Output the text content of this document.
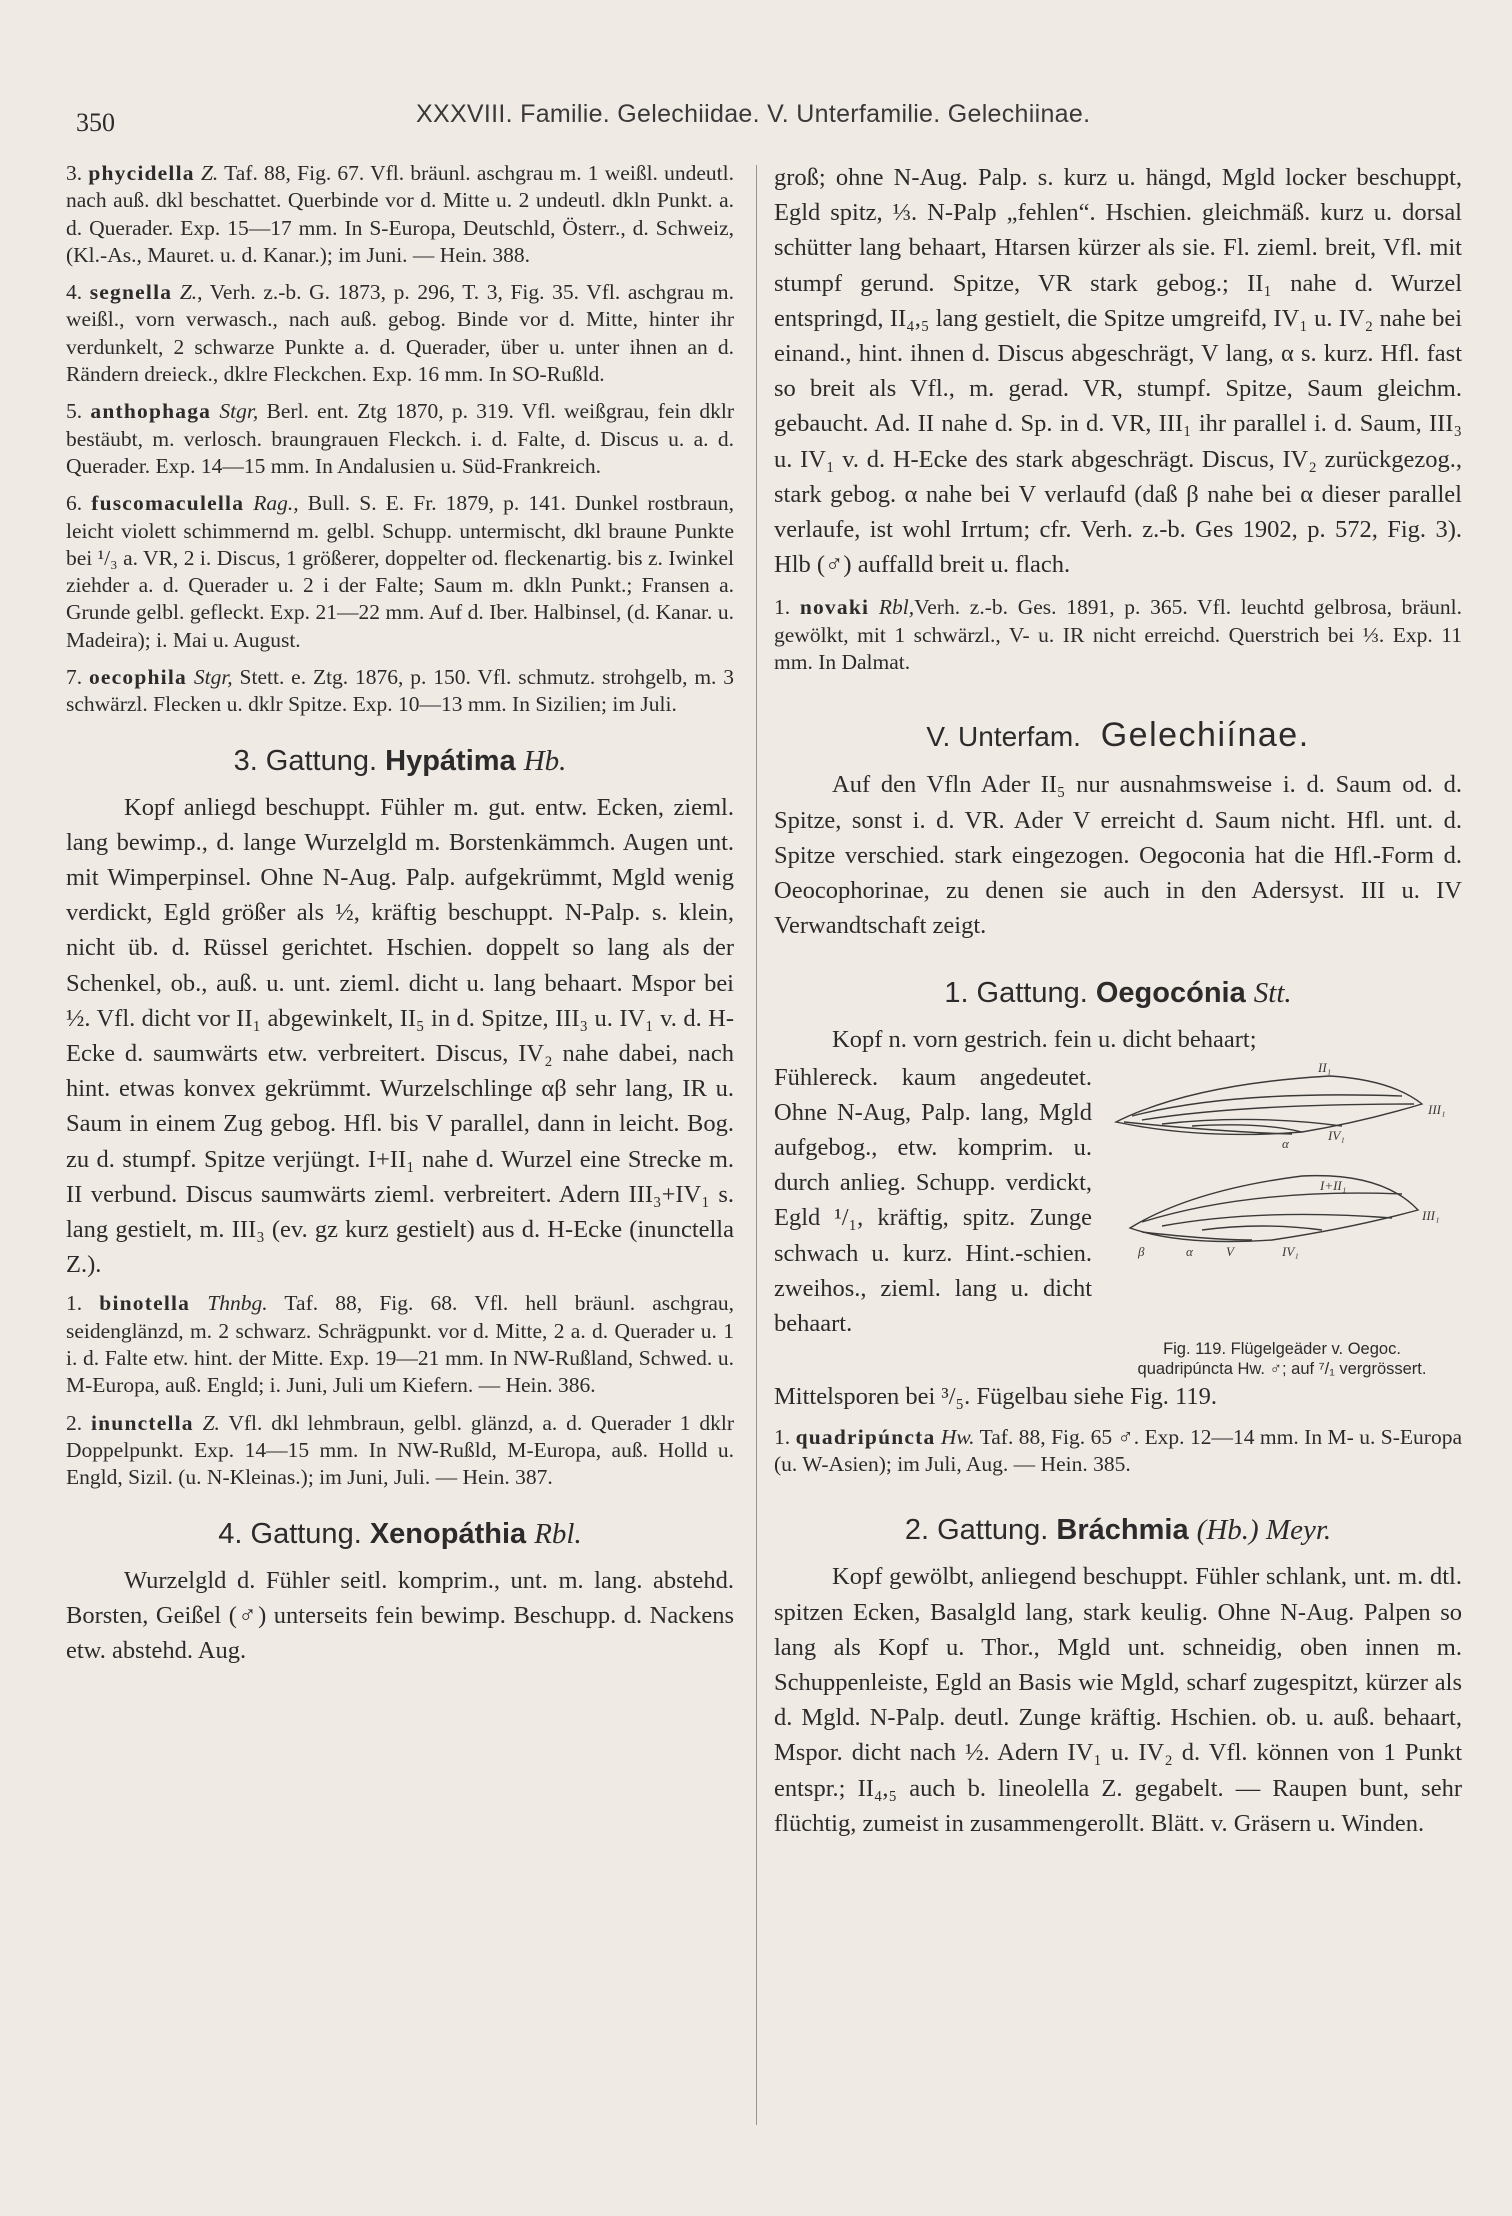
350	XXXVIII. Familie. Gelechiidae. V. Unterfamilie. Gelechiinae.

3. phycidella Z. Taf. 88, Fig. 67. Vfl. bräunl. aschgrau m. 1 weißl. undeutl. nach auß. dkl beschattet. Querbinde vor d. Mitte u. 2 undeutl. dkln Punkt. a. d. Querader. Exp. 15—17 mm. In S-Europa, Deutschld, Österr., d. Schweiz, (Kl.-As., Mauret. u. d. Kanar.); im Juni. — Hein. 388.

4. segnella Z., Verh. z.-b. G. 1873, p. 296, T. 3, Fig. 35. Vfl. aschgrau m. weißl., vorn verwasch., nach auß. gebog. Binde vor d. Mitte, hinter ihr verdunkelt, 2 schwarze Punkte a. d. Querader, über u. unter ihnen an d. Rändern dreieck., dklre Fleckchen. Exp. 16 mm. In SO-Rußld.

5. anthophaga Stgr, Berl. ent. Ztg 1870, p. 319. Vfl. weißgrau, fein dklr bestäubt, m. verlosch. braungrauen Fleckch. i. d. Falte, d. Discus u. a. d. Querader. Exp. 14—15 mm. In Andalusien u. Süd-Frankreich.

6. fuscomaculella Rag., Bull. S. E. Fr. 1879, p. 141. Dunkel rostbraun, leicht violett schimmernd m. gelbl. Schupp. untermischt, dkl braune Punkte bei ¹/₃ a. VR, 2 i. Discus, 1 größerer, doppelter od. fleckenartig. bis z. Iwinkel ziehder a. d. Querader u. 2 i der Falte; Saum m. dkln Punkt.; Fransen a. Grunde gelbl. gefleckt. Exp. 21—22 mm. Auf d. Iber. Halbinsel, (d. Kanar. u. Madeira); i. Mai u. August.

7. oecophila Stgr, Stett. e. Ztg. 1876, p. 150. Vfl. schmutz. strohgelb, m. 3 schwärzl. Flecken u. dklr Spitze. Exp. 10—13 mm. In Sizilien; im Juli.

3. Gattung. Hypátima Hb.

Kopf anliegd beschuppt. Fühler m. gut. entw. Ecken, zieml. lang bewimp., d. lange Wurzelgld m. Borstenkämmch. Augen unt. mit Wimperpinsel. Ohne N-Aug. Palp. aufgekrümmt, Mgld wenig verdickt, Egld größer als ½, kräftig beschuppt. N-Palp. s. klein, nicht üb. d. Rüssel gerichtet. Hschien. doppelt so lang als der Schenkel, ob., auß. u. unt. zieml. dicht u. lang behaart. Mspor bei ½. Vfl. dicht vor II₁ abgewinkelt, II₅ in d. Spitze, III₃ u. IV₁ v. d. H-Ecke d. saumwärts etw. verbreitert. Discus, IV₂ nahe dabei, nach hint. etwas konvex gekrümmt. Wurzelschlinge αβ sehr lang, IR u. Saum in einem Zug gebog. Hfl. bis V parallel, dann in leicht. Bog. zu d. stumpf. Spitze verjüngt. I+II₁ nahe d. Wurzel eine Strecke m. II verbund. Discus saumwärts zieml. verbreitert. Adern III₃+IV₁ s. lang gestielt, m. III₃ (ev. gz kurz gestielt) aus d. H-Ecke (inunctella Z.).

1. binotella Thnbg. Taf. 88, Fig. 68. Vfl. hell bräunl. aschgrau, seidenglänzd, m. 2 schwarz. Schrägpunkt. vor d. Mitte, 2 a. d. Querader u. 1 i. d. Falte etw. hint. der Mitte. Exp. 19—21 mm. In NW-Rußland, Schwed. u. M-Europa, auß. Engld; i. Juni, Juli um Kiefern. — Hein. 386.

2. inunctella Z. Vfl. dkl lehmbraun, gelbl. glänzd, a. d. Querader 1 dklr Doppelpunkt. Exp. 14—15 mm. In NW-Rußld, M-Europa, auß. Holld u. Engld, Sizil. (u. N-Kleinas.); im Juni, Juli. — Hein. 387.

4. Gattung. Xenopáthia Rbl.

Wurzelgld d. Fühler seitl. komprim., unt. m. lang. abstehd. Borsten, Geißel (♂) unterseits fein bewimp. Beschupp. d. Nackens etw. abstehd. Aug.

groß; ohne N-Aug. Palp. s. kurz u. hängd, Mgld locker beschuppt, Egld spitz, ⅓. N-Palp „fehlen“. Hschien. gleichmäß. kurz u. dorsal schütter lang behaart, Htarsen kürzer als sie. Fl. zieml. breit, Vfl. mit stumpf gerund. Spitze, VR stark gebog.; II₁ nahe d. Wurzel entspringd, II₄,₅ lang gestielt, die Spitze umgreifd, IV₁ u. IV₂ nahe bei einand., hint. ihnen d. Discus abgeschrägt, V lang, α s. kurz. Hfl. fast so breit als Vfl., m. gerad. VR, stumpf. Spitze, Saum gleichm. gebaucht. Ad. II nahe d. Sp. in d. VR, III₁ ihr parallel i. d. Saum, III₃ u. IV₁ v. d. H-Ecke des stark abgeschrägt. Discus, IV₂ zurückgezog., stark gebog. α nahe bei V verlaufd (daß β nahe bei α dieser parallel verlaufe, ist wohl Irrtum; cfr. Verh. z.-b. Ges 1902, p. 572, Fig. 3). Hlb (♂) auffalld breit u. flach.

1. novaki Rbl,Verh. z.-b. Ges. 1891, p. 365. Vfl. leuchtd gelbrosa, bräunl. gewölkt, mit 1 schwärzl., V- u. IR nicht erreichd. Querstrich bei ⅓. Exp. 11 mm. In Dalmat.

V. Unterfam. Gelechiínae.

Auf den Vfln Ader II₅ nur ausnahmsweise i. d. Saum od. d. Spitze, sonst i. d. VR. Ader V erreicht d. Saum nicht. Hfl. unt. d. Spitze verschied. stark eingezogen. Oegoconia hat die Hfl.-Form d. Oeocophorinae, zu denen sie auch in den Adersyst. III u. IV Verwandtschaft zeigt.

1. Gattung. Oegocónia Stt.

Kopf n. vorn gestrich. fein u. dicht behaart;

Fühlereck. kaum angedeutet. Ohne N-Aug, Palp. lang, Mgld aufgebog., etw. komprim. u. durch anlieg. Schupp. verdickt, Egld ¹/₁, kräftig, spitz. Zunge schwach u. kurz. Hint.-schien. zweihos., zieml. lang u. dicht behaart.

II₁
III₁
α
IV₁
I+II₁
III₁
β	α	V	IV₁
Fig. 119. Flügelgeäder v. Oegoc.
quadripúncta Hw. ♂; auf ⁷/₁ vergrössert.

Mittelsporen bei ³/₅. Fügelbau siehe Fig. 119.

1. quadripúncta Hw. Taf. 88, Fig. 65 ♂. Exp. 12—14 mm. In M- u. S-Europa (u. W-Asien); im Juli, Aug. — Hein. 385.

2. Gattung. Bráchmia (Hb.) Meyr.

Kopf gewölbt, anliegend beschuppt. Fühler schlank, unt. m. dtl. spitzen Ecken, Basalgld lang, stark keulig. Ohne N-Aug. Palpen so lang als Kopf u. Thor., Mgld unt. schneidig, oben innen m. Schuppenleiste, Egld an Basis wie Mgld, scharf zugespitzt, kürzer als d. Mgld. N-Palp. deutl. Zunge kräftig. Hschien. ob. u. auß. behaart, Mspor. dicht nach ½. Adern IV₁ u. IV₂ d. Vfl. können von 1 Punkt entspr.; II₄,₅ auch b. lineolella Z. gegabelt. — Raupen bunt, sehr flüchtig, zumeist in zusammengerollt. Blätt. v. Gräsern u. Winden.
